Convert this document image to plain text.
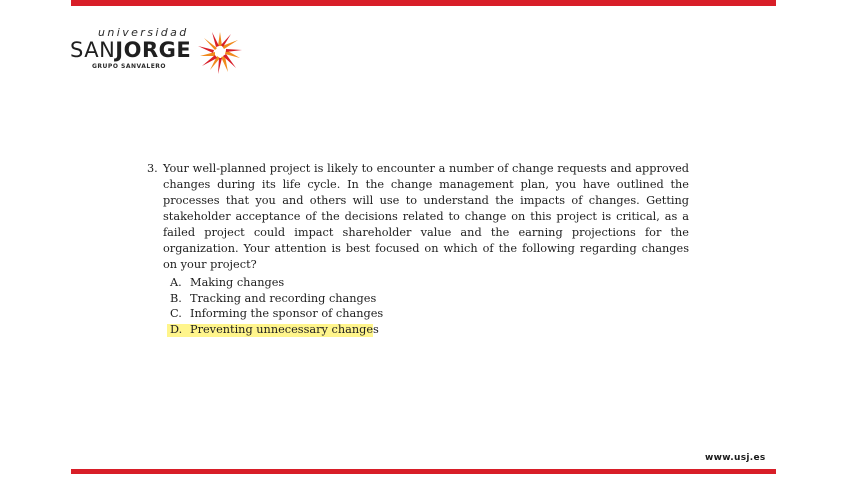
universidad
SANJORGE
GRUPO SANVALERO
3. Your well-planned project is likely to encounter a number of change requests and approved changes during its life cycle. In the change management plan, you have outlined the processes that you and others will use to understand the impacts of changes. Getting stakeholder acceptance of the decisions related to change on this project is critical, as a failed project could impact shareholder value and the earning projections for the organization. Your attention is best focused on which of the following regarding changes on your project?
A. Making changes
B. Tracking and recording changes
C. Informing the sponsor of changes
D. Preventing unnecessary changes
www.usj.es
